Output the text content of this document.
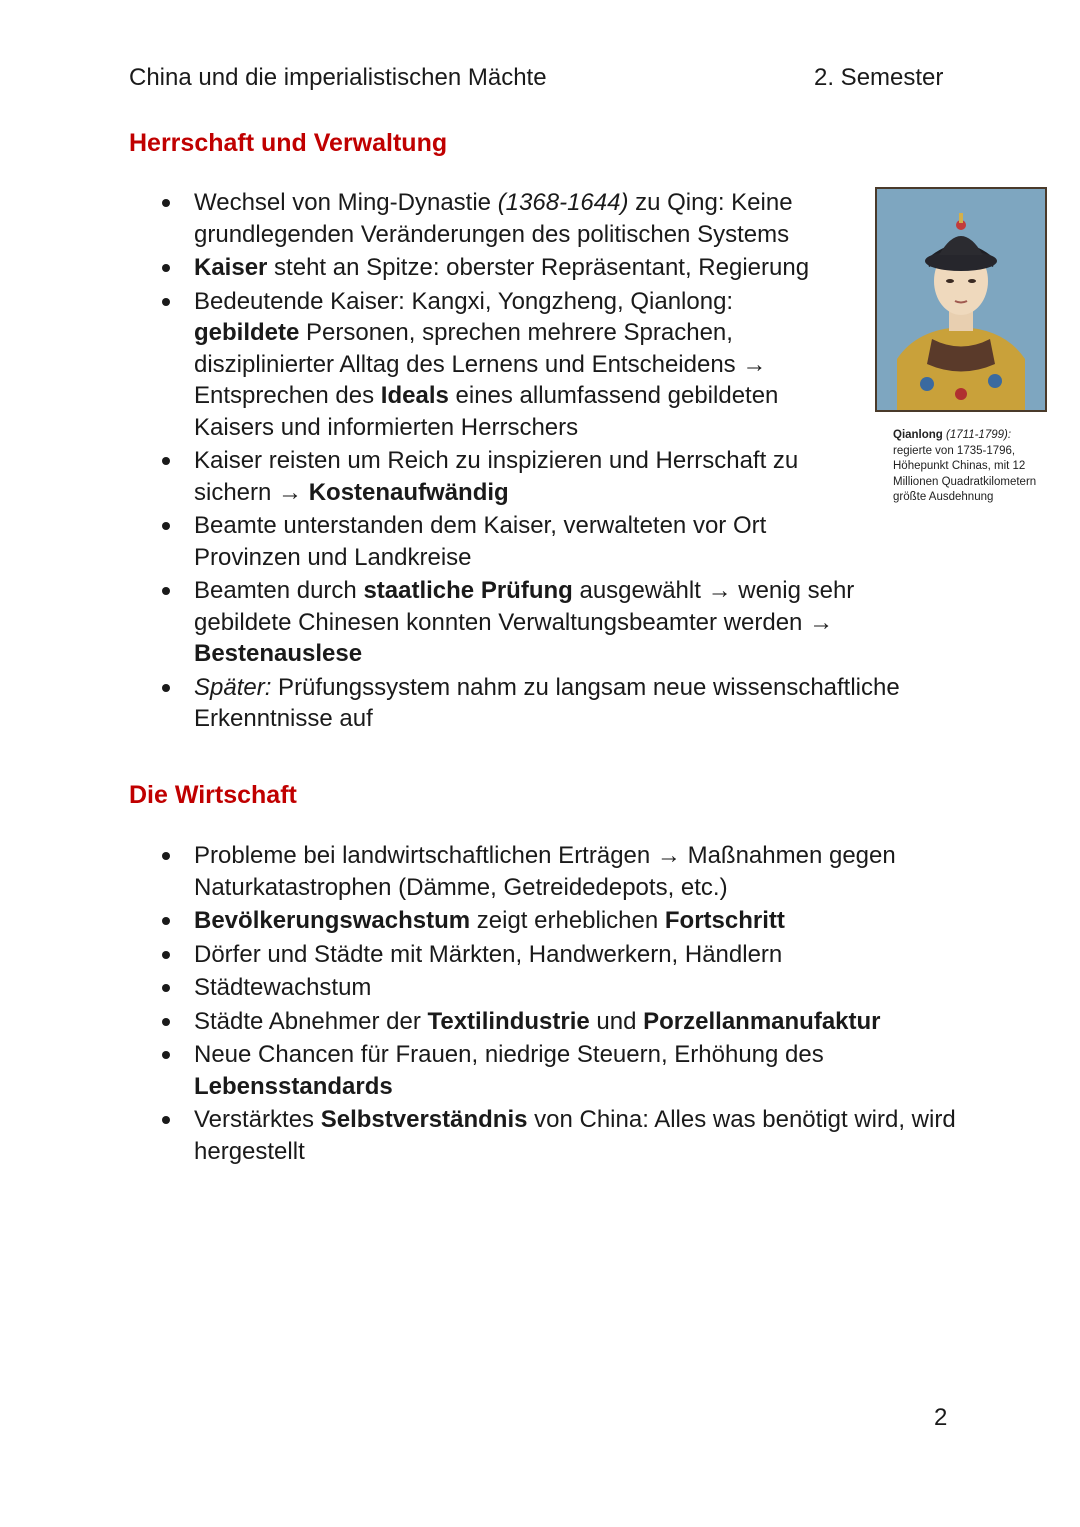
China und die imperialistischen Mächte	2. Semester
Herrschaft und Verwaltung
Wechsel von Ming-Dynastie (1368-1644) zu Qing: Keine grundlegenden Veränderungen des politischen Systems
Kaiser steht an Spitze: oberster Repräsentant, Regierung
Bedeutende Kaiser: Kangxi, Yongzheng, Qianlong: gebildete Personen, sprechen mehrere Sprachen, disziplinierter Alltag des Lernens und Entscheidens → Entsprechen des Ideals eines allumfassend gebildeten Kaisers und informierten Herrschers
Kaiser reisten um Reich zu inspizieren und Herrschaft zu sichern → Kostenaufwändig
Beamte unterstanden dem Kaiser, verwalteten vor Ort Provinzen und Landkreise
Beamten durch staatliche Prüfung ausgewählt → wenig sehr gebildete Chinesen konnten Verwaltungsbeamter werden → Bestenauslese
Später: Prüfungssystem nahm zu langsam neue wissenschaftliche Erkenntnisse auf
Qianlong (1711-1799): regierte von 1735-1796, Höhepunkt Chinas, mit 12 Millionen Quadratkilometern größte Ausdehnung
Die Wirtschaft
Probleme bei landwirtschaftlichen Erträgen → Maßnahmen gegen Naturkatastrophen (Dämme, Getreidedepots, etc.)
Bevölkerungswachstum zeigt erheblichen Fortschritt
Dörfer und Städte mit Märkten, Handwerkern, Händlern
Städtewachstum
Städte Abnehmer der Textilindustrie und Porzellanmanufaktur
Neue Chancen für Frauen, niedrige Steuern, Erhöhung des Lebensstandards
Verstärktes Selbstverständnis von China: Alles was benötigt wird, wird hergestellt
2
